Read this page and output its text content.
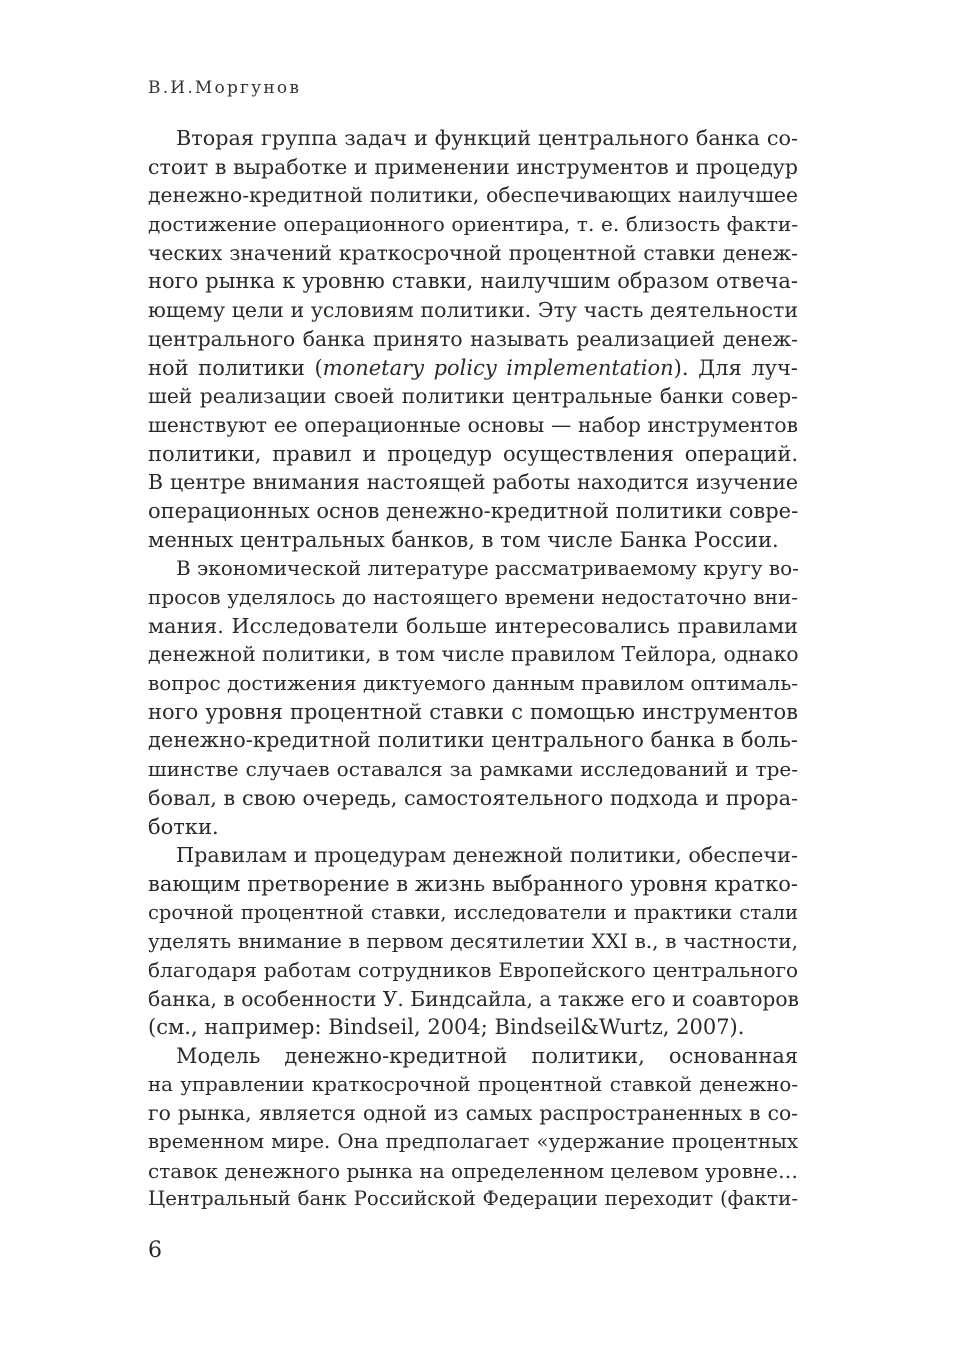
В.И.Моргунов
Вторая группа задач и функций центрального банка со-
стоит в выработке и применении инструментов и процедур
денежно-кредитной политики, обеспечивающих наилучшее
достижение операционного ориентира, т. е. близость факти-
ческих значений краткосрочной процентной ставки денеж-
ного рынка к уровню ставки, наилучшим образом отвеча-
ющему цели и условиям политики. Эту часть деятельности
центрального банка принято называть реализацией денеж-
ной политики (monetary policy implementation). Для луч-
шей реализации своей политики центральные банки совер-
шенствуют ее операционные основы — набор инструментов
политики, правил и процедур осуществления операций.
В центре внимания настоящей работы находится изучение
операционных основ денежно-кредитной политики совре-
менных центральных банков, в том числе Банка России.
В экономической литературе рассматриваемому кругу во-
просов уделялось до настоящего времени недостаточно вни-
мания. Исследователи больше интересовались правилами
денежной политики, в том числе правилом Тейлора, однако
вопрос достижения диктуемого данным правилом оптималь-
ного уровня процентной ставки с помощью инструментов
денежно-кредитной политики центрального банка в боль-
шинстве случаев оставался за рамками исследований и тре-
бовал, в свою очередь, самостоятельного подхода и прора-
ботки.
Правилам и процедурам денежной политики, обеспечи-
вающим претворение в жизнь выбранного уровня кратко-
срочной процентной ставки, исследователи и практики стали
уделять внимание в первом десятилетии XXI в., в частности,
благодаря работам сотрудников Европейского центрального
банка, в особенности У. Биндсайла, а также его и соавторов
(см., например: Bindseil, 2004; Bindseil&Wurtz, 2007).
Модель денежно-кредитной политики, основанная
на управлении краткосрочной процентной ставкой денежно-
го рынка, является одной из самых распространенных в со-
временном мире. Она предполагает «удержание процентных
ставок денежного рынка на определенном целевом уровне…
Центральный банк Российской Федерации переходит (факти-
6
